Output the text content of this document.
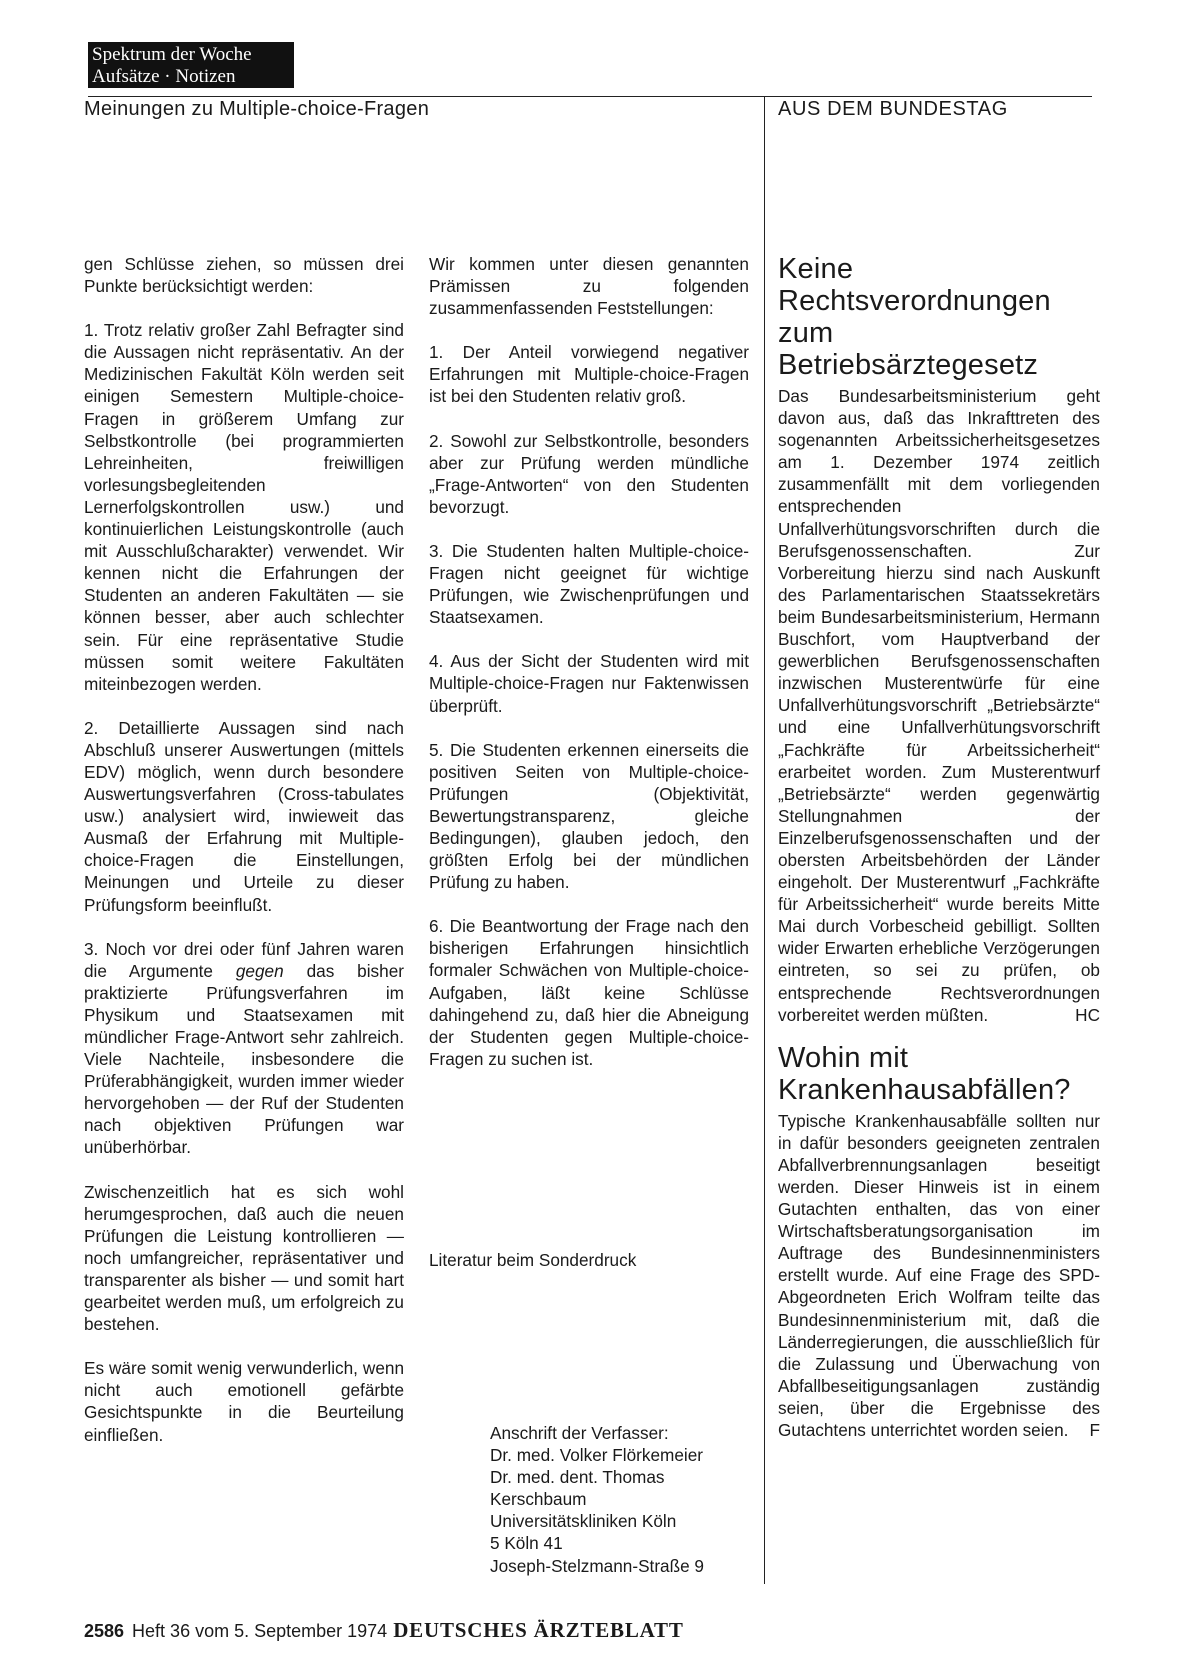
Spektrum der Woche
Aufsätze · Notizen
Meinungen zu Multiple-choice-Fragen	AUS DEM BUNDESTAG

gen Schlüsse ziehen, so müssen drei Punkte berücksichtigt werden:

1. Trotz relativ großer Zahl Befragter sind die Aussagen nicht repräsentativ. An der Medizinischen Fakultät Köln werden seit einigen Semestern Multiple-choice-Fragen in größerem Umfang zur Selbstkontrolle (bei programmierten Lehreinheiten, freiwilligen vorlesungsbegleitenden Lernerfolgskontrollen usw.) und kontinuierlichen Leistungskontrolle (auch mit Ausschlußcharakter) verwendet. Wir kennen nicht die Erfahrungen der Studenten an anderen Fakultäten — sie können besser, aber auch schlechter sein. Für eine repräsentative Studie müssen somit weitere Fakultäten miteinbezogen werden.

2. Detaillierte Aussagen sind nach Abschluß unserer Auswertungen (mittels EDV) möglich, wenn durch besondere Auswertungsverfahren (Cross-tabulates usw.) analysiert wird, inwieweit das Ausmaß der Erfahrung mit Multiple-choice-Fragen die Einstellungen, Meinungen und Urteile zu dieser Prüfungsform beeinflußt.

3. Noch vor drei oder fünf Jahren waren die Argumente gegen das bisher praktizierte Prüfungsverfahren im Physikum und Staatsexamen mit mündlicher Frage-Antwort sehr zahlreich. Viele Nachteile, insbesondere die Prüferabhängigkeit, wurden immer wieder hervorgehoben — der Ruf der Studenten nach objektiven Prüfungen war unüberhörbar.

Zwischenzeitlich hat es sich wohl herumgesprochen, daß auch die neuen Prüfungen die Leistung kontrollieren — noch umfangreicher, repräsentativer und transparenter als bisher — und somit hart gearbeitet werden muß, um erfolgreich zu bestehen.

Es wäre somit wenig verwunderlich, wenn nicht auch emotionell gefärbte Gesichtspunkte in die Beurteilung einfließen.

Wir kommen unter diesen genannten Prämissen zu folgenden zusammenfassenden Feststellungen:

1. Der Anteil vorwiegend negativer Erfahrungen mit Multiple-choice-Fragen ist bei den Studenten relativ groß.

2. Sowohl zur Selbstkontrolle, besonders aber zur Prüfung werden mündliche „Frage-Antworten“ von den Studenten bevorzugt.

3. Die Studenten halten Multiple-choice-Fragen nicht geeignet für wichtige Prüfungen, wie Zwischenprüfungen und Staatsexamen.

4. Aus der Sicht der Studenten wird mit Multiple-choice-Fragen nur Faktenwissen überprüft.

5. Die Studenten erkennen einerseits die positiven Seiten von Multiple-choice-Prüfungen (Objektivität, Bewertungstransparenz, gleiche Bedingungen), glauben jedoch, den größten Erfolg bei der mündlichen Prüfung zu haben.

6. Die Beantwortung der Frage nach den bisherigen Erfahrungen hinsichtlich formaler Schwächen von Multiple-choice-Aufgaben, läßt keine Schlüsse dahingehend zu, daß hier die Abneigung der Studenten gegen Multiple-choice-Fragen zu suchen ist.

Literatur beim Sonderdruck
Anschrift der Verfasser:
Dr. med. Volker Flörkemeier
Dr. med. dent. Thomas
Kerschbaum
Universitätskliniken Köln
5 Köln 41
Joseph-Stelzmann-Straße 9
Keine Rechtsverordnungen zum Betriebsärztegesetz

Das Bundesarbeitsministerium geht davon aus, daß das Inkrafttreten des sogenannten Arbeitssicherheitsgesetzes am 1. Dezember 1974 zeitlich zusammenfällt mit dem vorliegenden entsprechenden Unfallverhütungsvorschriften durch die Berufsgenossenschaften. Zur Vorbereitung hierzu sind nach Auskunft des Parlamentarischen Staatssekretärs beim Bundesarbeitsministerium, Hermann Buschfort, vom Hauptverband der gewerblichen Berufsgenossenschaften inzwischen Musterentwürfe für eine Unfallverhütungsvorschrift „Betriebsärzte“ und eine Unfallverhütungsvorschrift „Fachkräfte für Arbeitssicherheit“ erarbeitet worden. Zum Musterentwurf „Betriebsärzte“ werden gegenwärtig Stellungnahmen der Einzelberufsgenossenschaften und der obersten Arbeitsbehörden der Länder eingeholt. Der Musterentwurf „Fachkräfte für Arbeitssicherheit“ wurde bereits Mitte Mai durch Vorbescheid gebilligt. Sollten wider Erwarten erhebliche Verzögerungen eintreten, so sei zu prüfen, ob entsprechende Rechtsverordnungen vorbereitet werden müßten.	HC

Wohin mit Krankenhausabfällen?

Typische Krankenhausabfälle sollten nur in dafür besonders geeigneten zentralen Abfallverbrennungsanlagen beseitigt werden. Dieser Hinweis ist in einem Gutachten enthalten, das von einer Wirtschaftsberatungsorganisation im Auftrage des Bundesinnenministers erstellt wurde. Auf eine Frage des SPD-Abgeordneten Erich Wolfram teilte das Bundesinnenministerium mit, daß die Länderregierungen, die ausschließlich für die Zulassung und Überwachung von Abfallbeseitigungsanlagen zuständig seien, über die Ergebnisse des Gutachtens unterrichtet worden seien.	F

2586 Heft 36 vom 5. September 1974 DEUTSCHES ÄRZTEBLATT
